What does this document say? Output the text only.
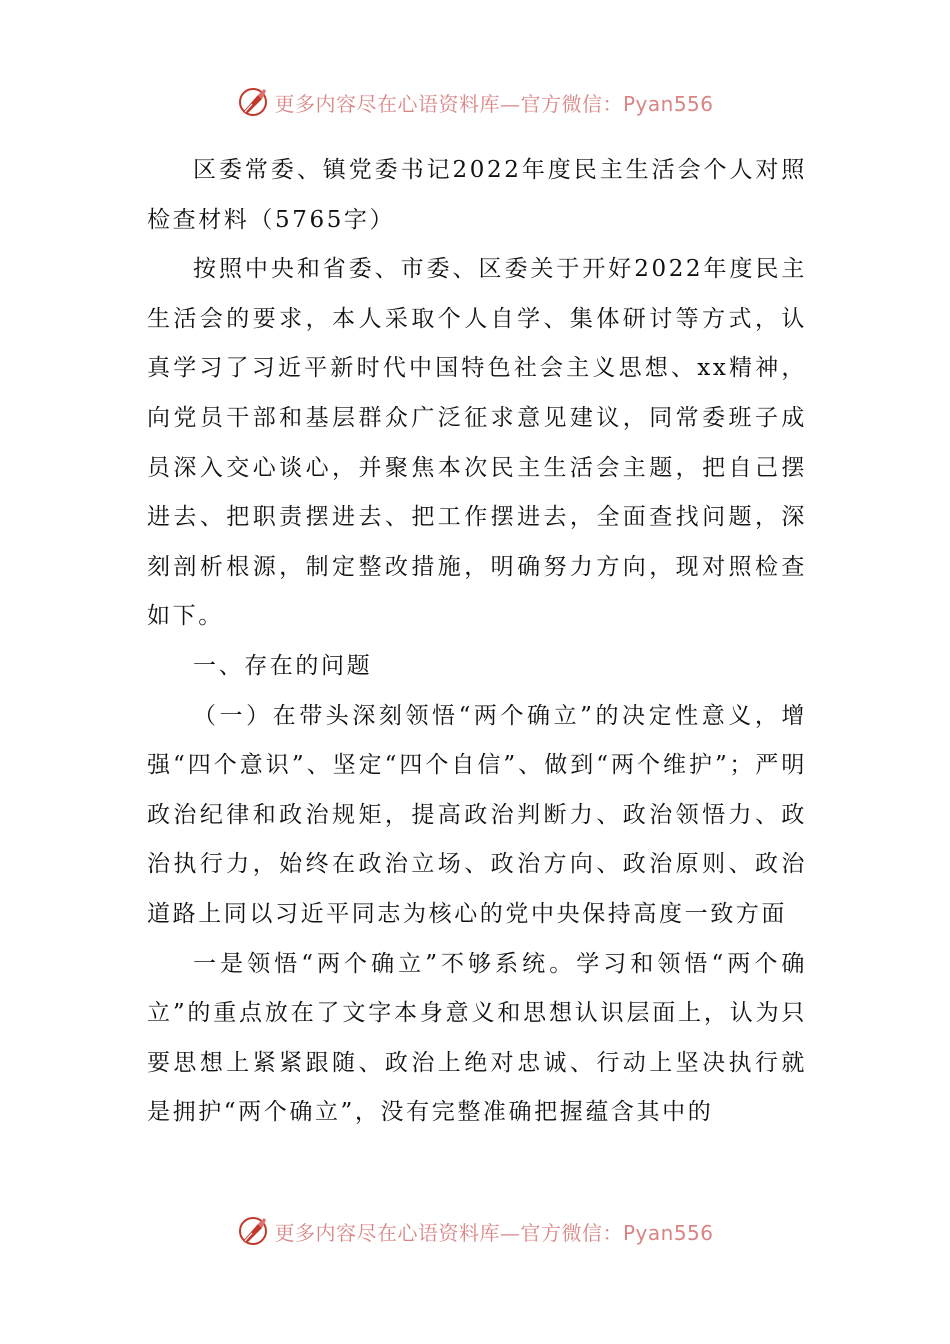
更多内容尽在心语资料库—官方微信：Pyan556

区委常委、镇党委书记2022年度民主生活会个人对照检查材料（5765字）

按照中央和省委、市委、区委关于开好2022年度民主生活会的要求，本人采取个人自学、集体研讨等方式，认真学习了习近平新时代中国特色社会主义思想、xx精神，向党员干部和基层群众广泛征求意见建议，同常委班子成员深入交心谈心，并聚焦本次民主生活会主题，把自己摆进去、把职责摆进去、把工作摆进去，全面查找问题，深刻剖析根源，制定整改措施，明确努力方向，现对照检查如下。

一、存在的问题

（一）在带头深刻领悟“两个确立”的决定性意义，增强“四个意识”、坚定“四个自信”、做到“两个维护”；严明政治纪律和政治规矩，提高政治判断力、政治领悟力、政治执行力，始终在政治立场、政治方向、政治原则、政治道路上同以习近平同志为核心的党中央保持高度一致方面

一是领悟“两个确立”不够系统。学习和领悟“两个确立”的重点放在了文字本身意义和思想认识层面上，认为只要思想上紧紧跟随、政治上绝对忠诚、行动上坚决执行就是拥护“两个确立”，没有完整准确把握蕴含其中的

更多内容尽在心语资料库—官方微信：Pyan556
